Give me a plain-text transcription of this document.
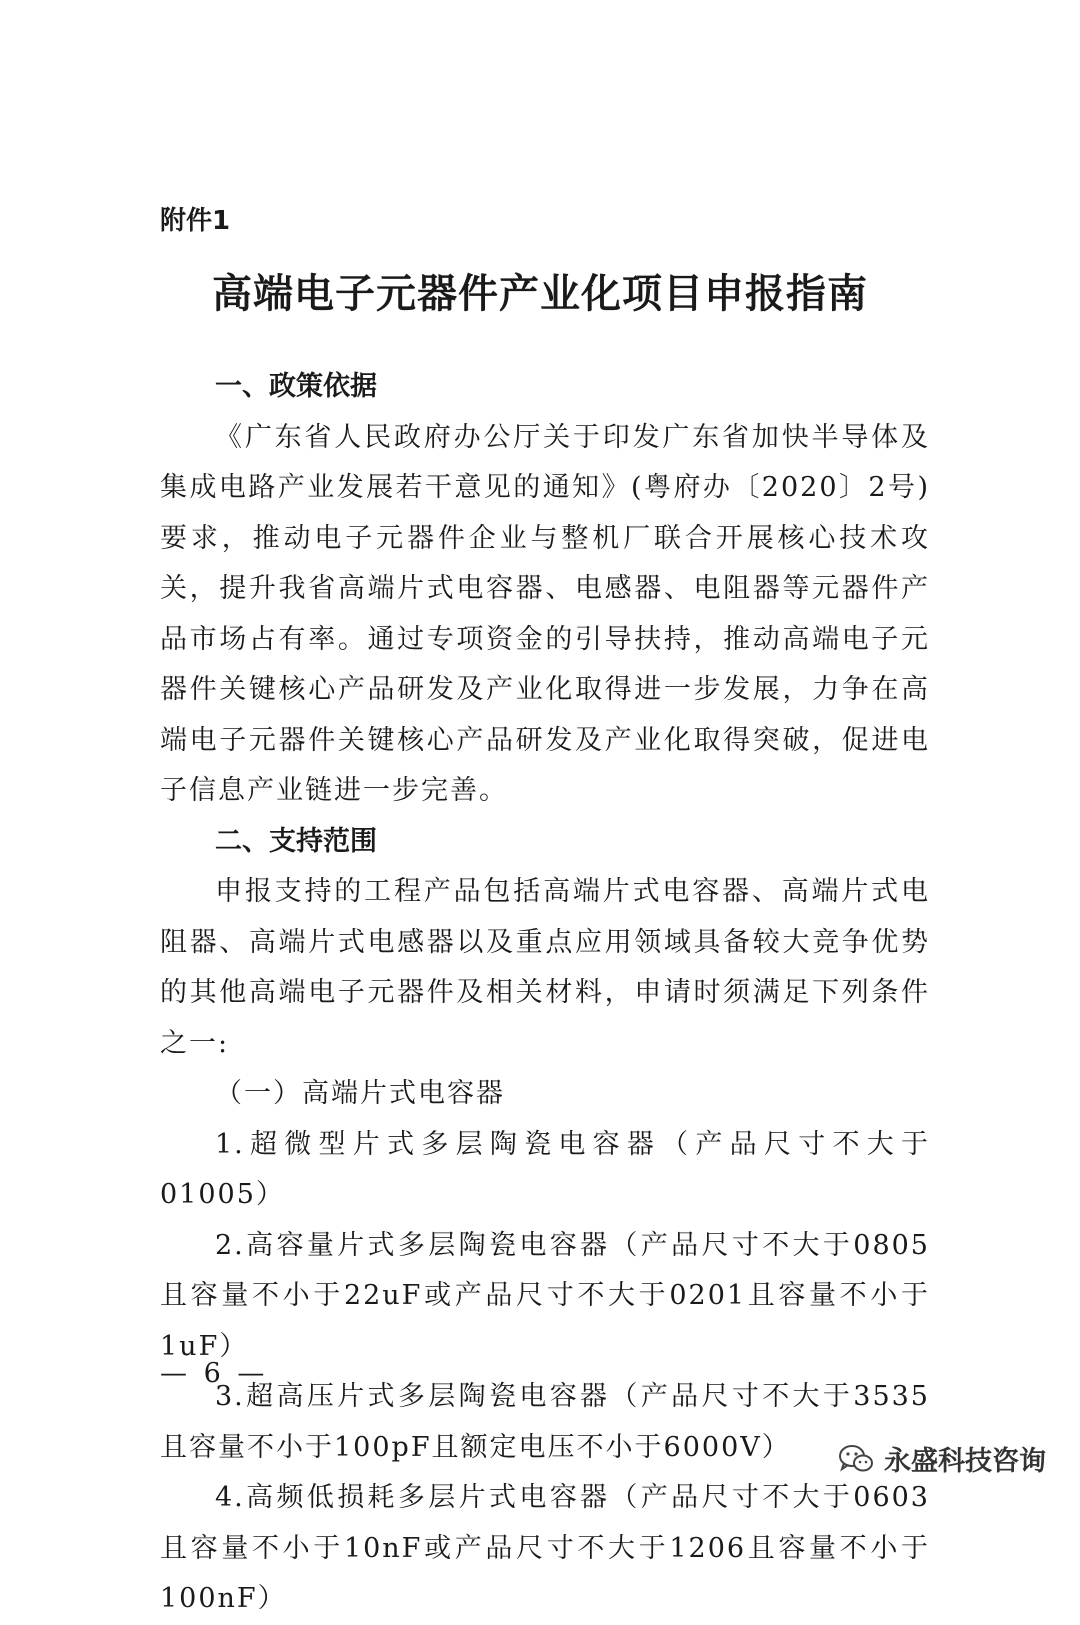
附件1
高端电子元器件产业化项目申报指南

一、政策依据

《广东省人民政府办公厅关于印发广东省加快半导体及集成电路产业发展若干意见的通知》(粤府办〔2020〕2号)要求，推动电子元器件企业与整机厂联合开展核心技术攻关，提升我省高端片式电容器、电感器、电阻器等元器件产品市场占有率。通过专项资金的引导扶持，推动高端电子元器件关键核心产品研发及产业化取得进一步发展，力争在高端电子元器件关键核心产品研发及产业化取得突破，促进电子信息产业链进一步完善。

二、支持范围

申报支持的工程产品包括高端片式电容器、高端片式电阻器、高端片式电感器以及重点应用领域具备较大竞争优势的其他高端电子元器件及相关材料，申请时须满足下列条件之一:

（一）高端片式电容器

1.超微型片式多层陶瓷电容器（产品尺寸不大于01005）

2.高容量片式多层陶瓷电容器（产品尺寸不大于0805且容量不小于22uF或产品尺寸不大于0201且容量不小于1uF）

3.超高压片式多层陶瓷电容器（产品尺寸不大于3535且容量不小于100pF且额定电压不小于6000V）

4.高频低损耗多层片式电容器（产品尺寸不大于0603且容量不小于10nF或产品尺寸不大于1206且容量不小于100nF）

— 6 —
永盛科技咨询
